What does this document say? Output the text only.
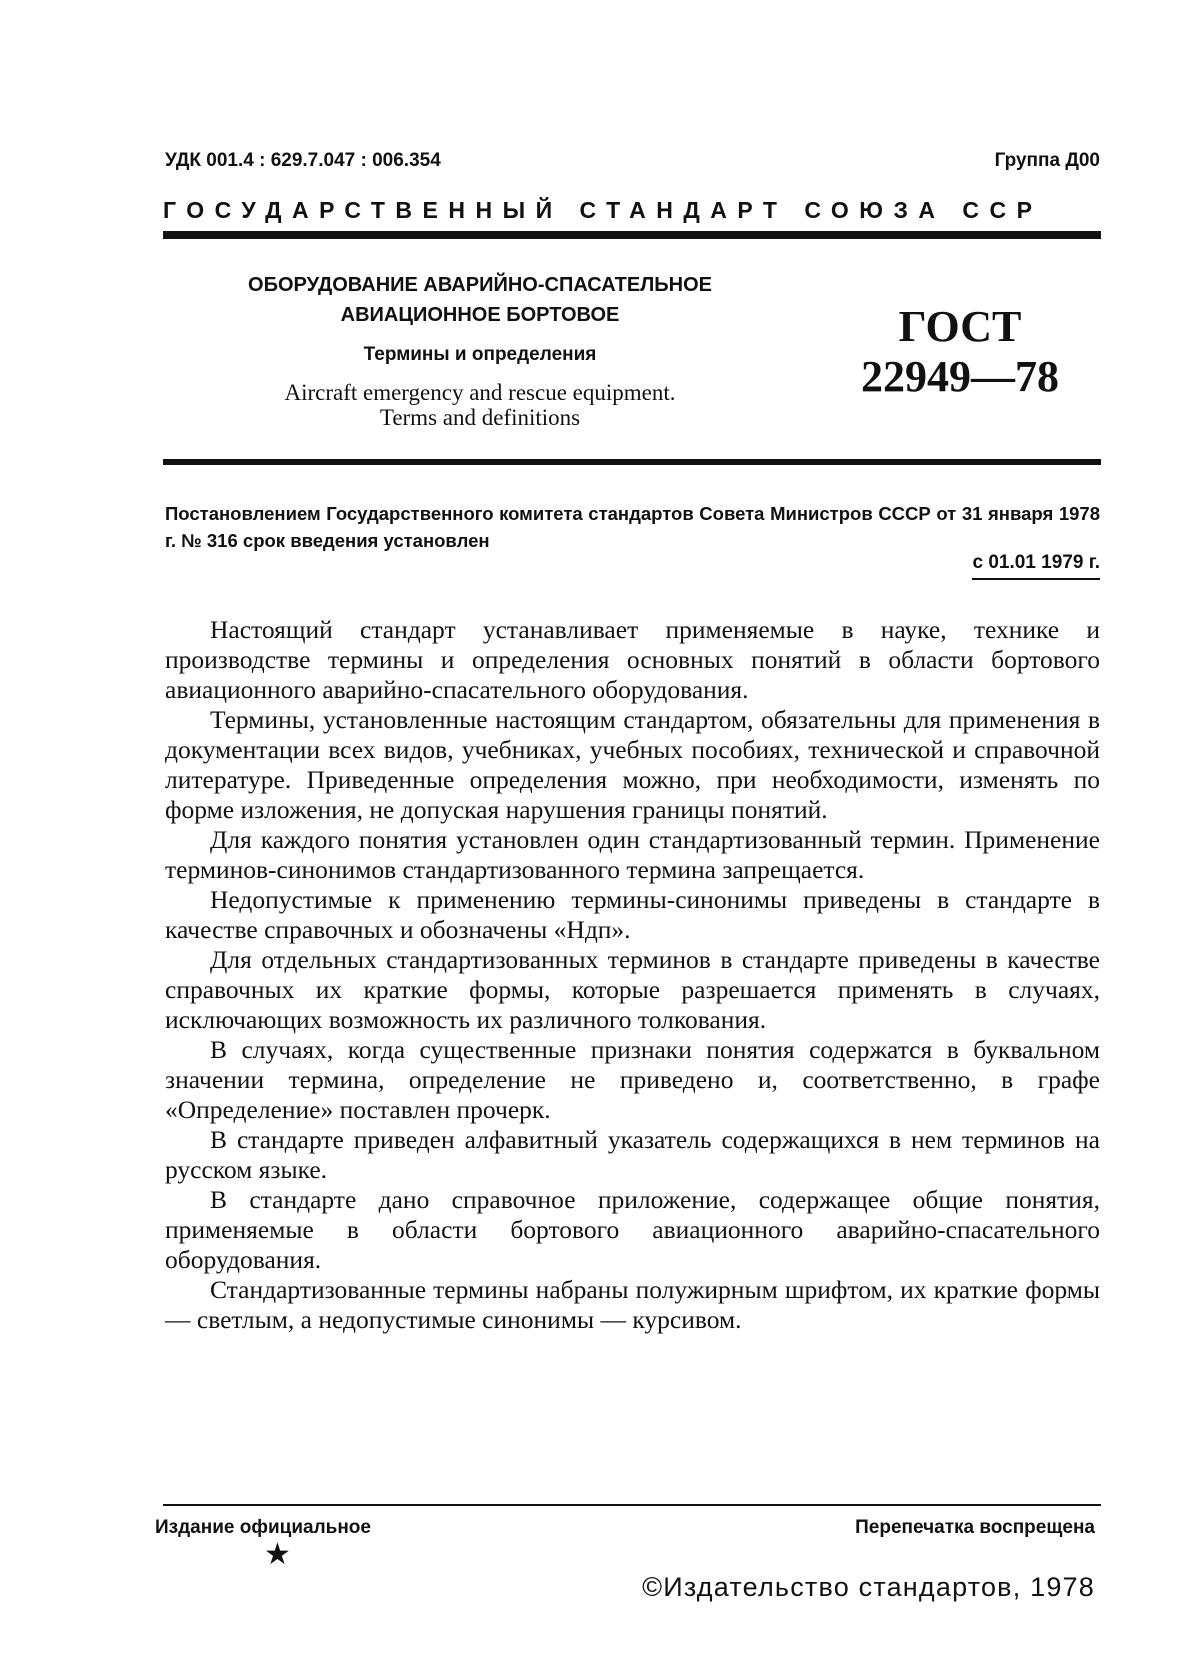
УДК 001.4 : 629.7.047 : 006.354	Группа Д00
ГОСУДАРСТВЕННЫЙ СТАНДАРТ СОЮЗА ССР
ОБОРУДОВАНИЕ АВАРИЙНО-СПАСАТЕЛЬНОЕ
АВИАЦИОННОЕ БОРТОВОЕ
Термины и определения
Aircraft emergency and rescue equipment.
Terms and definitions
ГОСТ
22949—78
Постановлением Государственного комитета стандартов Совета Министров СССР от 31 января 1978 г. № 316 срок введения установлен
с 01.01 1979 г.

Настоящий стандарт устанавливает применяемые в науке, технике и производстве термины и определения основных понятий в области бортового авиационного аварийно-спасательного оборудования.

Термины, установленные настоящим стандартом, обязательны для применения в документации всех видов, учебниках, учебных пособиях, технической и справочной литературе. Приведенные определения можно, при необходимости, изменять по форме изложения, не допуская нарушения границы понятий.

Для каждого понятия установлен один стандартизованный термин. Применение терминов-синонимов стандартизованного термина запрещается.

Недопустимые к применению термины-синонимы приведены в стандарте в качестве справочных и обозначены «Ндп».

Для отдельных стандартизованных терминов в стандарте приведены в качестве справочных их краткие формы, которые разрешается применять в случаях, исключающих возможность их различного толкования.

В случаях, когда существенные признаки понятия содержатся в буквальном значении термина, определение не приведено и, соответственно, в графе «Определение» поставлен прочерк.

В стандарте приведен алфавитный указатель содержащихся в нем терминов на русском языке.

В стандарте дано справочное приложение, содержащее общие понятия, применяемые в области бортового авиационного аварийно-спасательного оборудования.

Стандартизованные термины набраны полужирным шрифтом, их краткие формы — светлым, а недопустимые синонимы — курсивом.

Издание официальное	Перепечатка воспрещена
★
©Издательство стандартов, 1978
